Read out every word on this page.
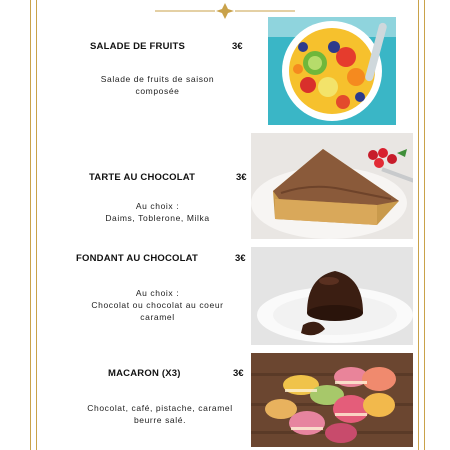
SALADE DE FRUITS	3€
Salade de fruits de saison
composée
TARTE AU CHOCOLAT	3€
Au choix :
Daims, Toblerone, Milka
FONDANT AU CHOCOLAT	3€
Au choix :
Chocolat ou chocolat au coeur
caramel
MACARON (X3)	3€
Chocolat, café, pistache, caramel
beurre salé.
